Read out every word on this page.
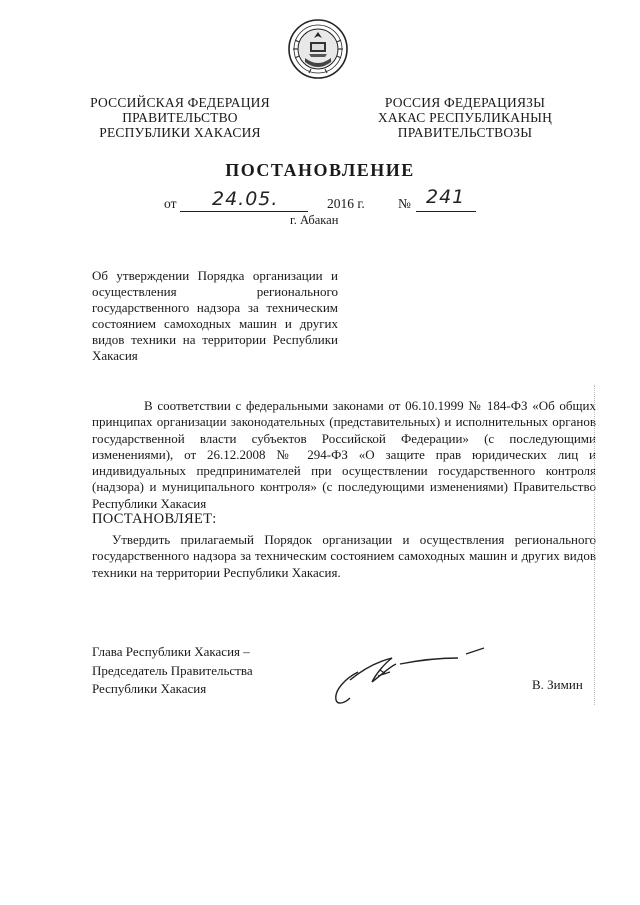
РОССИЙСКАЯ ФЕДЕРАЦИЯ
ПРАВИТЕЛЬСТВО
РЕСПУБЛИКИ ХАКАСИЯ
РОССИЯ ФЕДЕРАЦИЯЗЫ
ХАКАС РЕСПУБЛИКАНЫҢ
ПРАВИТЕЛЬСТВОЗЫ
ПОСТАНОВЛЕНИЕ
от 24.05.	2016 г. № 241
г. Абакан
Об утверждении Порядка организации и осуществления регионального государственного надзора за техническим состоянием самоходных машин и других видов техники на территории Республики Хакасия
В соответствии с федеральными законами от 06.10.1999 № 184-ФЗ «Об общих принципах организации законодательных (представительных) и исполнительных органов государственной власти субъектов Российской Федерации» (с последующими изменениями), от 26.12.2008 № 294-ФЗ «О защите прав юридических лиц и индивидуальных предпринимателей при осуществлении государственного контроля (надзора) и муниципального контроля» (с последующими изменениями) Правительство Республики Хакасия
ПОСТАНОВЛЯЕТ:
Утвердить прилагаемый Порядок организации и осуществления регионального государственного надзора за техническим состоянием самоходных машин и других видов техники на территории Республики Хакасия.
Глава Республики Хакасия –
Председатель Правительства
Республики Хакасия	В. Зимин
